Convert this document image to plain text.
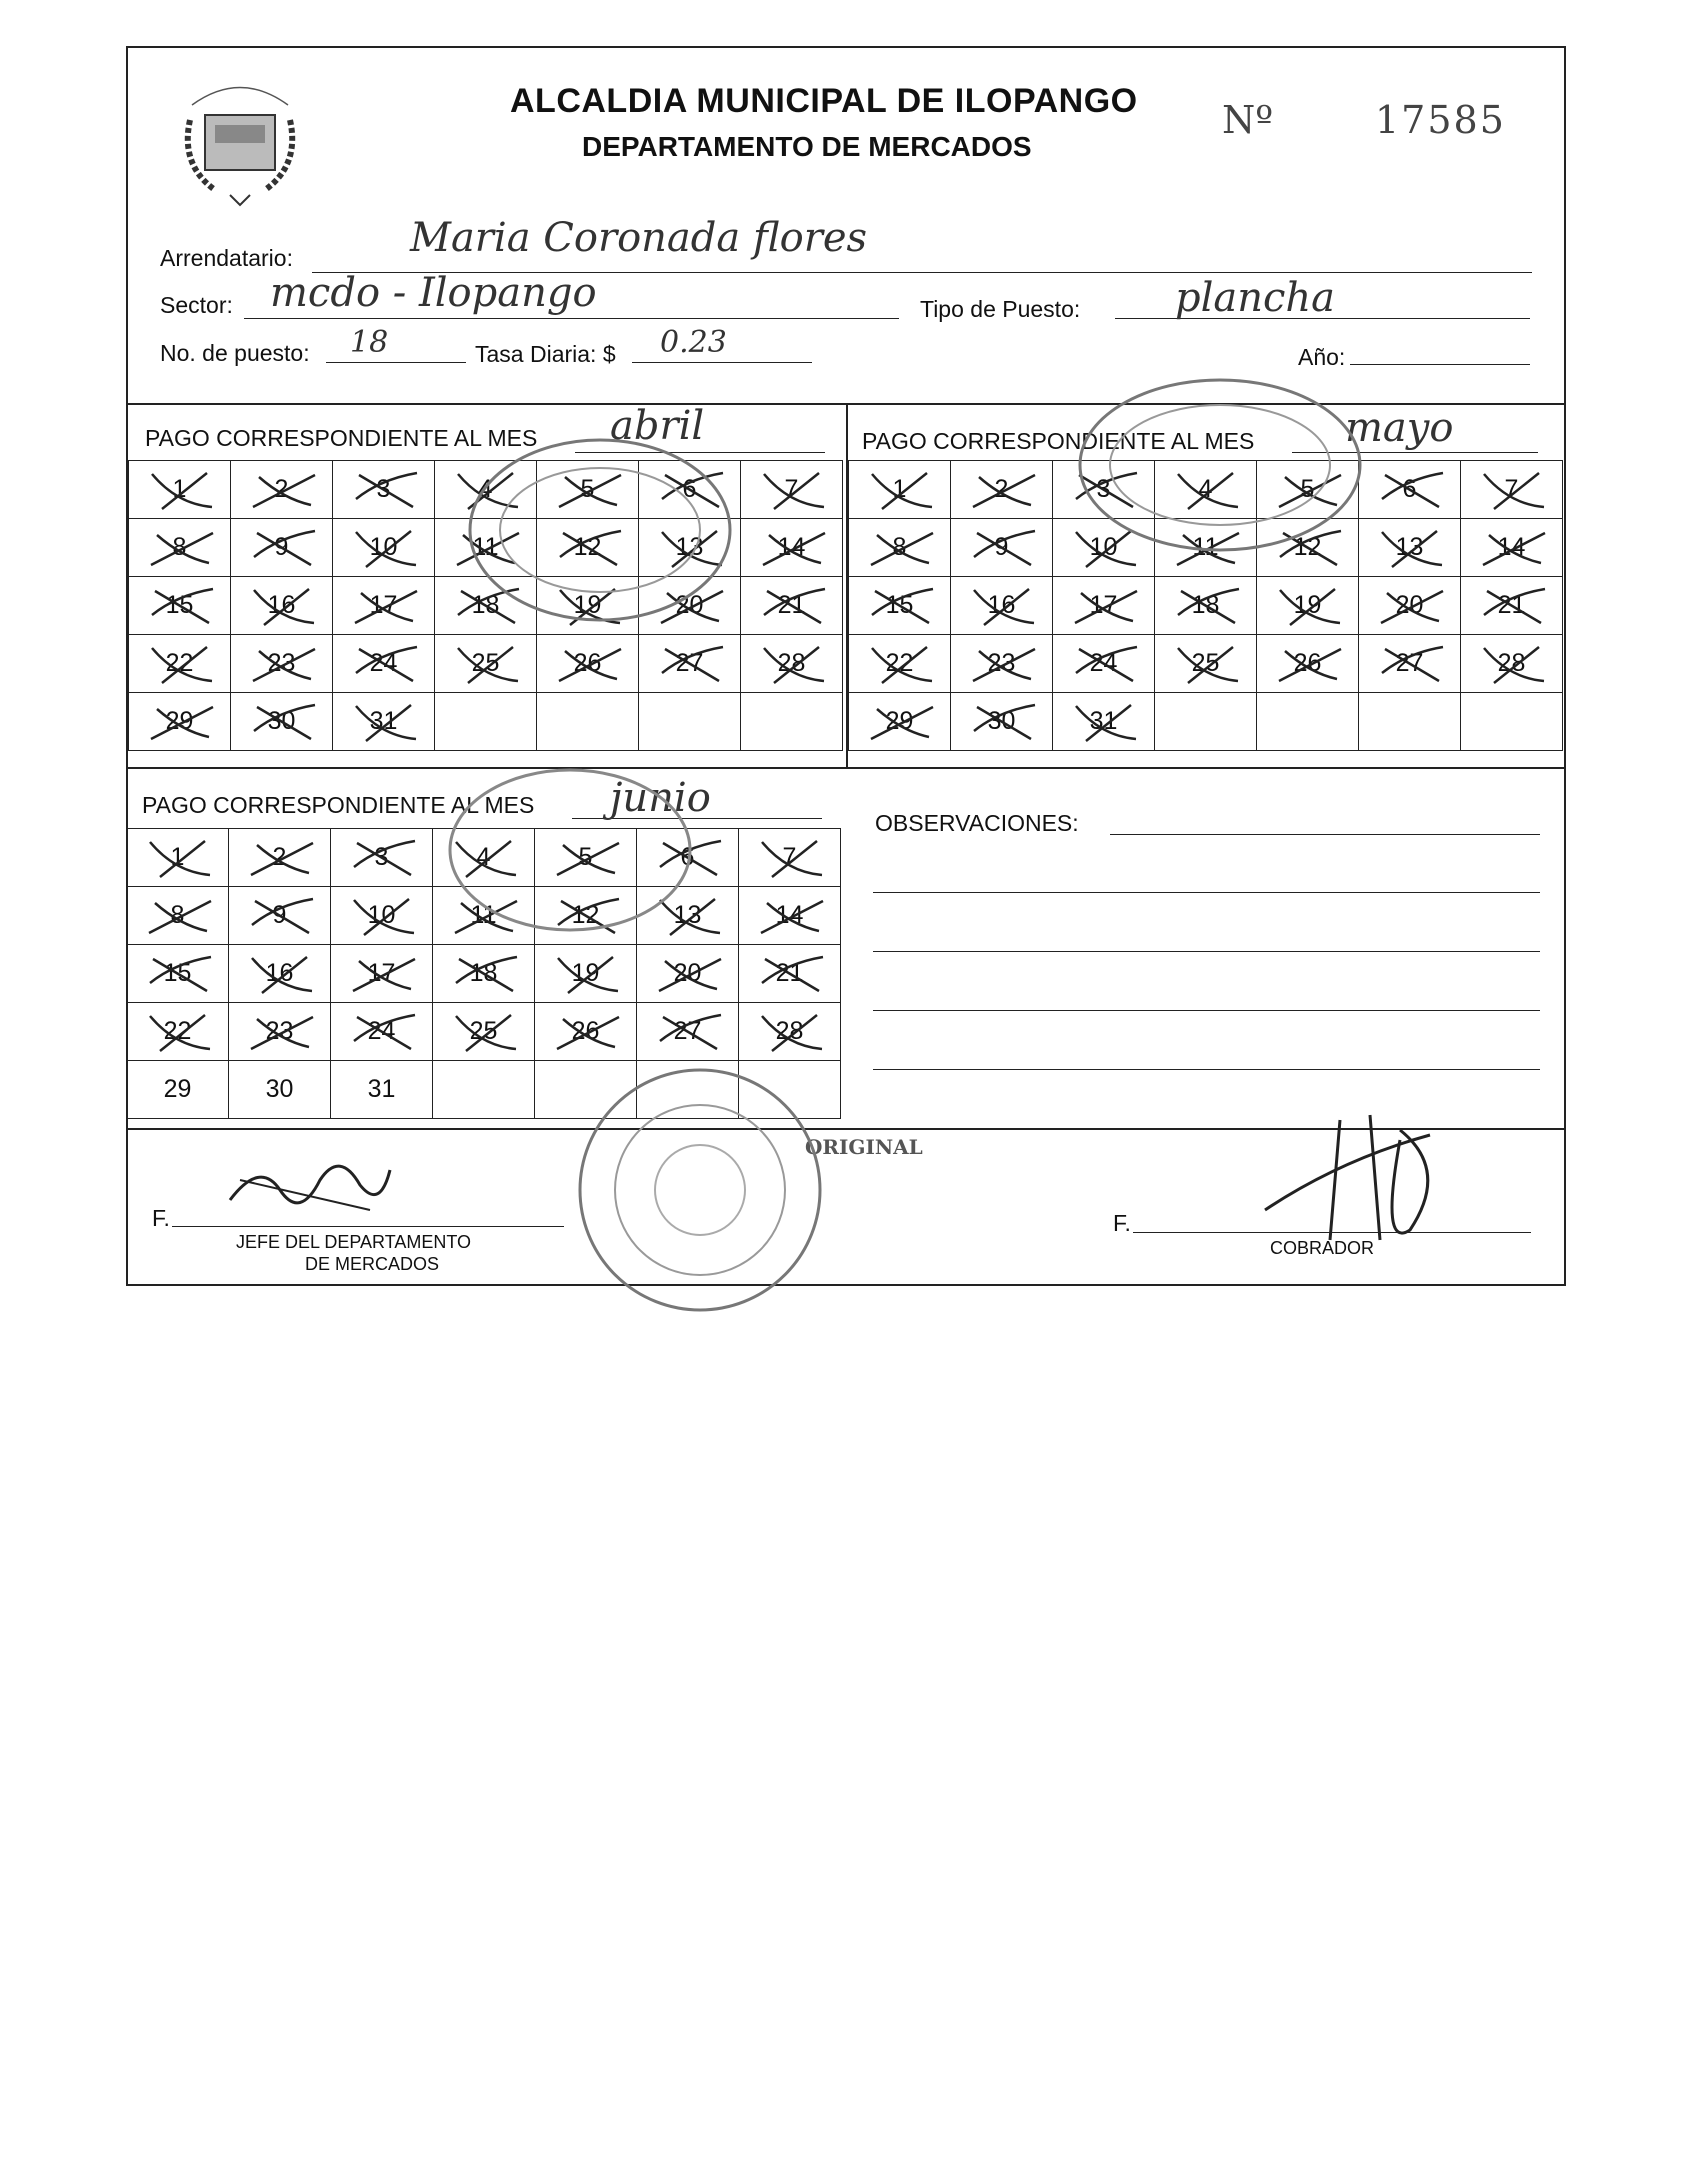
ALCALDIA MUNICIPAL DE ILOPANGO
DEPARTAMENTO DE MERCADOS
Nº	17585
Arrendatario:	Maria Coronada flores
Sector: mcdo - Ilopango	Tipo de Puesto: plancha
No. de puesto: 18	Tasa Diaria: $ 0.23	Año:
PAGO CORRESPONDIENTE AL MES abril	PAGO CORRESPONDIENTE AL MES mayo
PAGO CORRESPONDIENTE AL MES junio
1	2	3	4	5	6	7

8	9	10	11	12	13	14

15	16	17	18	19	20	21

22	23	24	25	26	27	28

29	30	31

1	2	3	4	5	6	7

8	9	10	11	12	13	14

15	16	17	18	19	20	21

22	23	24	25	26	27	28

29	30	31

1	2	3	4	5	6	7

8	9	10	11	12	13	14

15	16	17	18	19	20	21

22	23	24	25	26	27	28

29	30	31				
OBSERVACIONES:
F.
JEFE DEL DEPARTAMENTO
DE MERCADOS
F.
COBRADOR
ORIGINAL
